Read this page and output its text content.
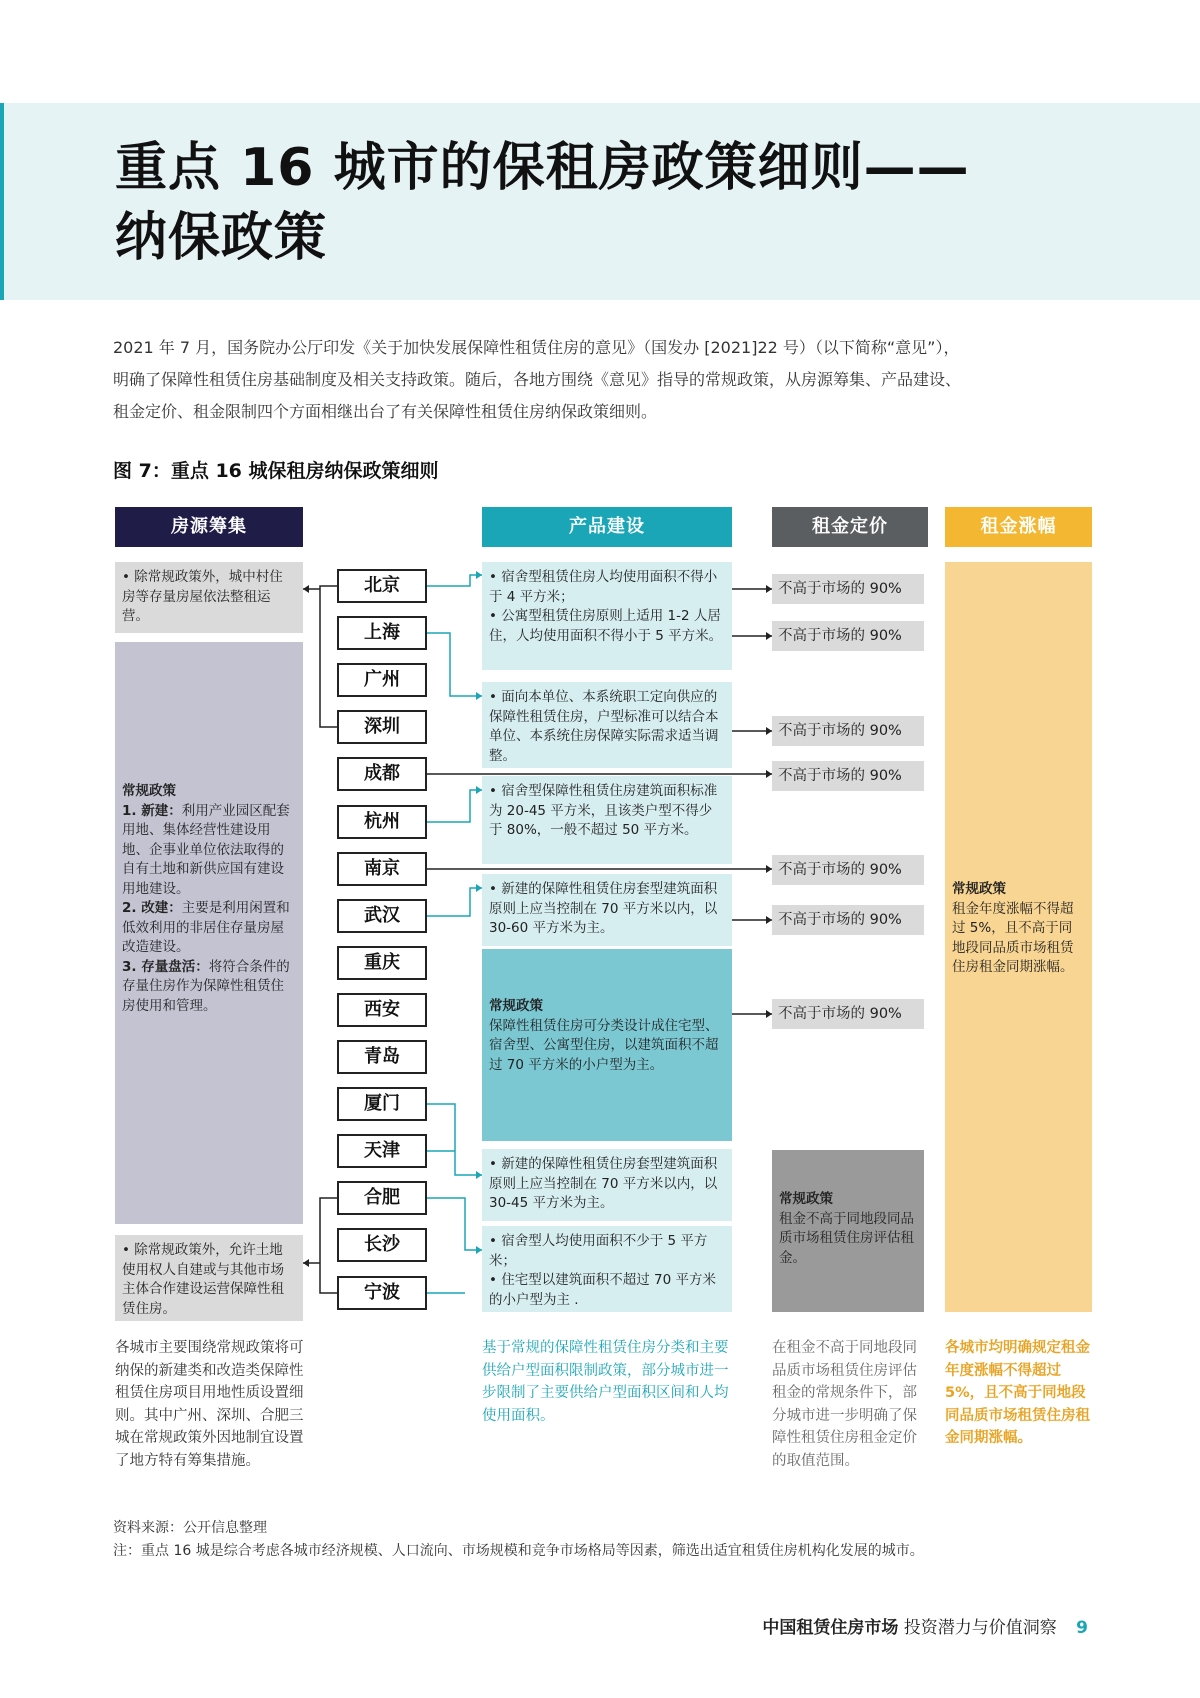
重点 16 城市的保租房政策细则——
纳保政策
2021 年 7 月，国务院办公厅印发《关于加快发展保障性租赁住房的意见》（国发办 [2021]22 号）（以下简称“意见”），
明确了保障性租赁住房基础制度及相关支持政策。随后，各地方围绕《意见》指导的常规政策，从房源筹集、产品建设、
租金定价、租金限制四个方面相继出台了有关保障性租赁住房纳保政策细则。
图 7：重点 16 城保租房纳保政策细则
房源筹集	产品建设	租金定价	租金涨幅
• 除常规政策外，城中村住房等存量房屋依法整租运营。
常规政策
1. 新建：利用产业园区配套用地、集体经营性建设用地、企事业单位依法取得的自有土地和新供应国有建设用地建设。
2. 改建：主要是利用闲置和低效利用的非居住存量房屋改造建设。
3. 存量盘活：将符合条件的存量住房作为保障性租赁住房使用和管理。
• 除常规政策外，允许土地使用权人自建或与其他市场主体合作建设运营保障性租赁住房。
北京
上海
广州
深圳
成都
杭州
南京
武汉
重庆
西安
青岛
厦门
天津
合肥
长沙
宁波
• 宿舍型租赁住房人均使用面积不得小于 4 平方米；
• 公寓型租赁住房原则上适用 1-2 人居住，人均使用面积不得小于 5 平方米。
• 面向本单位、本系统职工定向供应的保障性租赁住房，户型标准可以结合本单位、本系统住房保障实际需求适当调整。
• 宿舍型保障性租赁住房建筑面积标准为 20-45 平方米，且该类户型不得少于 80%，一般不超过 50 平方米。
• 新建的保障性租赁住房套型建筑面积原则上应当控制在 70 平方米以内，以 30-60 平方米为主。
常规政策
保障性租赁住房可分类设计成住宅型、宿舍型、公寓型住房，以建筑面积不超过 70 平方米的小户型为主。
• 新建的保障性租赁住房套型建筑面积原则上应当控制在 70 平方米以内，以 30-45 平方米为主。
• 宿舍型人均使用面积不少于 5 平方米；
• 住宅型以建筑面积不超过 70 平方米的小户型为主 .
不高于市场的 90%
不高于市场的 90%
不高于市场的 90%
不高于市场的 90%
不高于市场的 90%
不高于市场的 90%
不高于市场的 90%
常规政策
租金不高于同地段同品质市场租赁住房评估租金。
常规政策
租金年度涨幅不得超过 5%，且不高于同地段同品质市场租赁住房租金同期涨幅。
各城市主要围绕常规政策将可纳保的新建类和改造类保障性租赁住房项目用地性质设置细则。其中广州、深圳、合肥三城在常规政策外因地制宜设置了地方特有筹集措施。
基于常规的保障性租赁住房分类和主要供给户型面积限制政策，部分城市进一步限制了主要供给户型面积区间和人均使用面积。
在租金不高于同地段同品质市场租赁住房评估租金的常规条件下，部分城市进一步明确了保障性租赁住房租金定价的取值范围。
各城市均明确规定租金年度涨幅不得超过 5%，且不高于同地段同品质市场租赁住房租金同期涨幅。
资料来源：公开信息整理
注：重点 16 城是综合考虑各城市经济规模、人口流向、市场规模和竞争市场格局等因素，筛选出适宜租赁住房机构化发展的城市。
中国租赁住房市场 投资潜力与价值洞察 9
